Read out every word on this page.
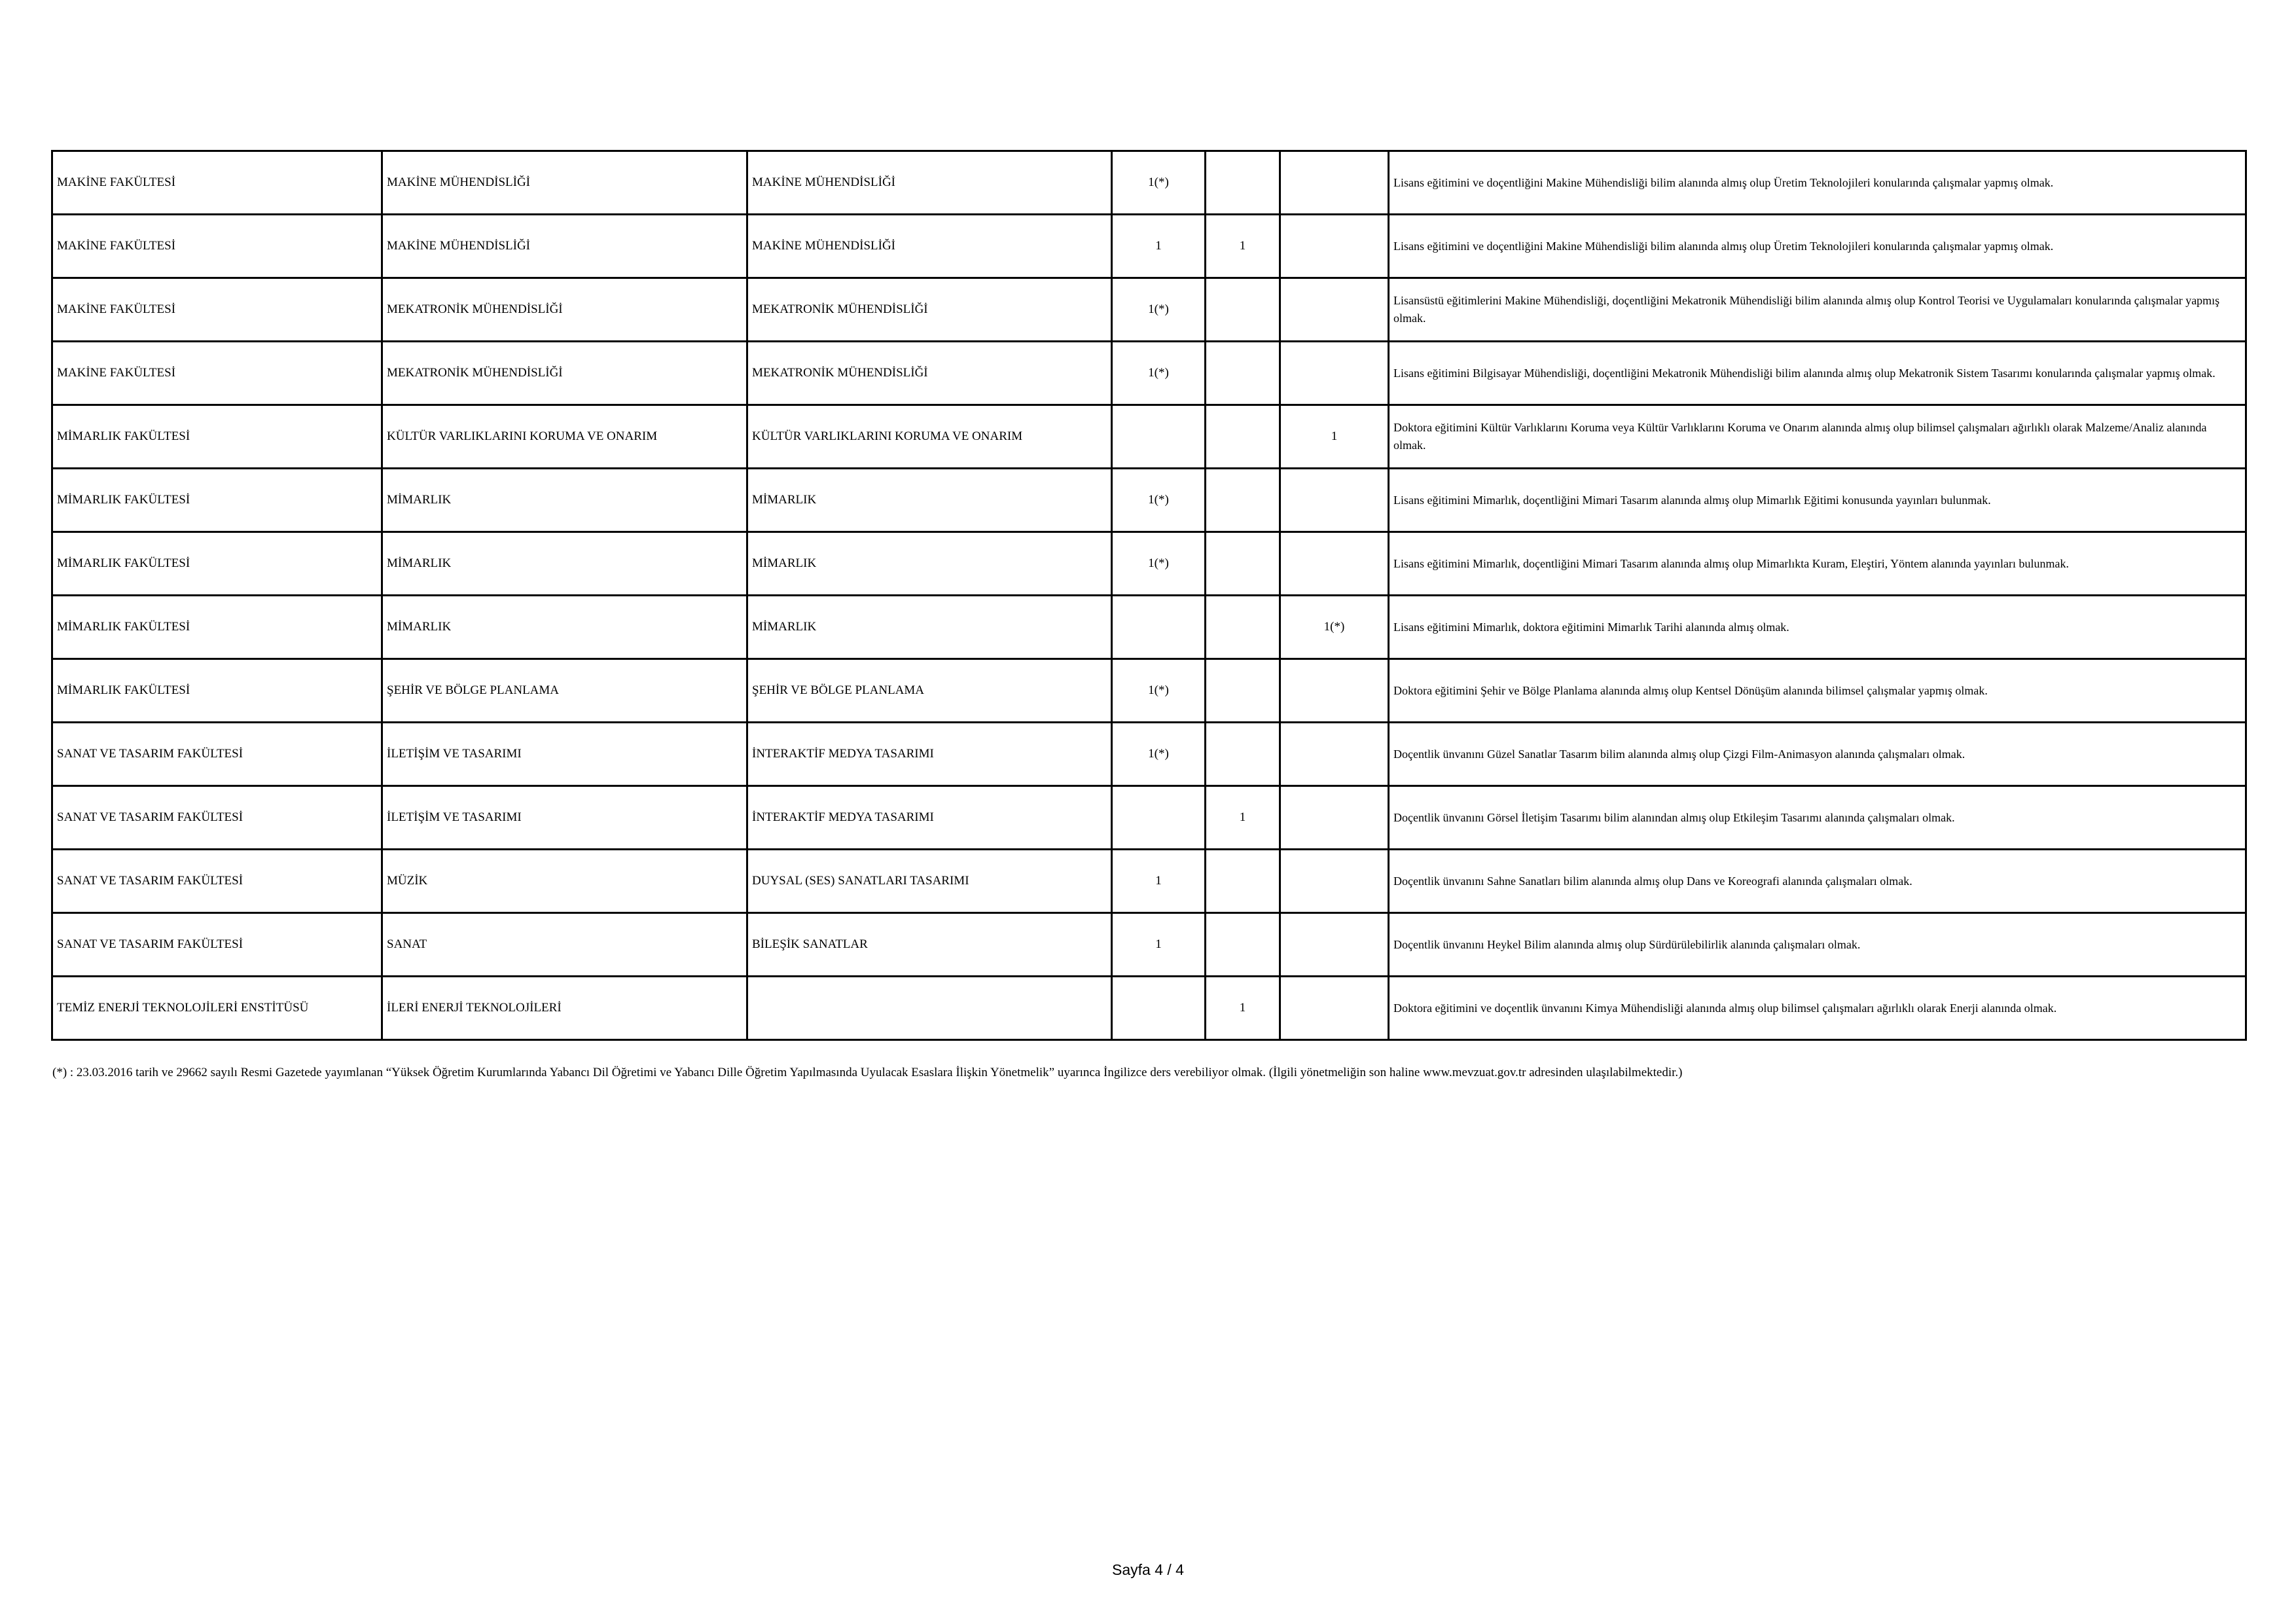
MAKİNE FAKÜLTESİ	MAKİNE MÜHENDİSLİĞİ	MAKİNE MÜHENDİSLİĞİ	1(*)			Lisans eğitimini ve doçentliğini Makine Mühendisliği bilim alanında almış olup Üretim Teknolojileri konularında çalışmalar yapmış olmak.
MAKİNE FAKÜLTESİ	MAKİNE MÜHENDİSLİĞİ	MAKİNE MÜHENDİSLİĞİ	1	1		Lisans eğitimini ve doçentliğini Makine Mühendisliği bilim alanında almış olup Üretim Teknolojileri konularında çalışmalar yapmış olmak.
MAKİNE FAKÜLTESİ	MEKATRONİK MÜHENDİSLİĞİ	MEKATRONİK MÜHENDİSLİĞİ	1(*)			Lisansüstü eğitimlerini Makine Mühendisliği, doçentliğini Mekatronik Mühendisliği bilim alanında almış olup Kontrol Teorisi ve Uygulamaları konularında çalışmalar yapmış olmak.
MAKİNE FAKÜLTESİ	MEKATRONİK MÜHENDİSLİĞİ	MEKATRONİK MÜHENDİSLİĞİ	1(*)			Lisans eğitimini Bilgisayar Mühendisliği, doçentliğini Mekatronik Mühendisliği bilim alanında almış olup Mekatronik Sistem Tasarımı konularında çalışmalar yapmış olmak.
MİMARLIK FAKÜLTESİ	KÜLTÜR VARLIKLARINI KORUMA VE ONARIM	KÜLTÜR VARLIKLARINI KORUMA VE ONARIM			1	Doktora eğitimini Kültür Varlıklarını Koruma veya Kültür Varlıklarını Koruma ve Onarım alanında almış olup bilimsel çalışmaları ağırlıklı olarak Malzeme/Analiz alanında olmak.
MİMARLIK FAKÜLTESİ	MİMARLIK	MİMARLIK	1(*)			Lisans eğitimini Mimarlık, doçentliğini Mimari Tasarım alanında almış olup Mimarlık Eğitimi konusunda yayınları bulunmak.
MİMARLIK FAKÜLTESİ	MİMARLIK	MİMARLIK	1(*)			Lisans eğitimini Mimarlık, doçentliğini Mimari Tasarım alanında almış olup Mimarlıkta Kuram, Eleştiri, Yöntem alanında yayınları bulunmak.
MİMARLIK FAKÜLTESİ	MİMARLIK	MİMARLIK			1(*)	Lisans eğitimini Mimarlık, doktora eğitimini Mimarlık Tarihi alanında almış olmak.
MİMARLIK FAKÜLTESİ	ŞEHİR VE BÖLGE PLANLAMA	ŞEHİR VE BÖLGE PLANLAMA	1(*)			Doktora eğitimini Şehir ve Bölge Planlama alanında almış olup Kentsel Dönüşüm alanında bilimsel çalışmalar yapmış olmak.
SANAT VE TASARIM FAKÜLTESİ	İLETİŞİM VE TASARIMI	İNTERAKTİF MEDYA TASARIMI	1(*)			Doçentlik ünvanını Güzel Sanatlar Tasarım bilim alanında almış olup Çizgi Film-Animasyon alanında çalışmaları olmak.
SANAT VE TASARIM FAKÜLTESİ	İLETİŞİM VE TASARIMI	İNTERAKTİF MEDYA TASARIMI		1		Doçentlik ünvanını Görsel İletişim Tasarımı bilim alanından almış olup Etkileşim Tasarımı alanında çalışmaları olmak.
SANAT VE TASARIM FAKÜLTESİ	MÜZİK	DUYSAL (SES) SANATLARI TASARIMI	1			Doçentlik ünvanını Sahne Sanatları bilim alanında almış olup Dans ve Koreografi alanında çalışmaları olmak.
SANAT VE TASARIM FAKÜLTESİ	SANAT	BİLEŞİK SANATLAR	1			Doçentlik ünvanını Heykel Bilim alanında almış olup Sürdürülebilirlik alanında çalışmaları olmak.
TEMİZ ENERJİ TEKNOLOJİLERİ ENSTİTÜSÜ	İLERİ ENERJİ TEKNOLOJİLERİ			1		Doktora eğitimini ve doçentlik ünvanını Kimya Mühendisliği alanında almış olup bilimsel çalışmaları ağırlıklı olarak Enerji alanında olmak.
(*) : 23.03.2016 tarih ve 29662 sayılı Resmi Gazetede yayımlanan “Yüksek Öğretim Kurumlarında Yabancı Dil Öğretimi ve Yabancı Dille Öğretim Yapılmasında Uyulacak Esaslara İlişkin Yönetmelik” uyarınca İngilizce ders verebiliyor olmak. (İlgili yönetmeliğin son haline www.mevzuat.gov.tr adresinden ulaşılabilmektedir.)
Sayfa 4 / 4
